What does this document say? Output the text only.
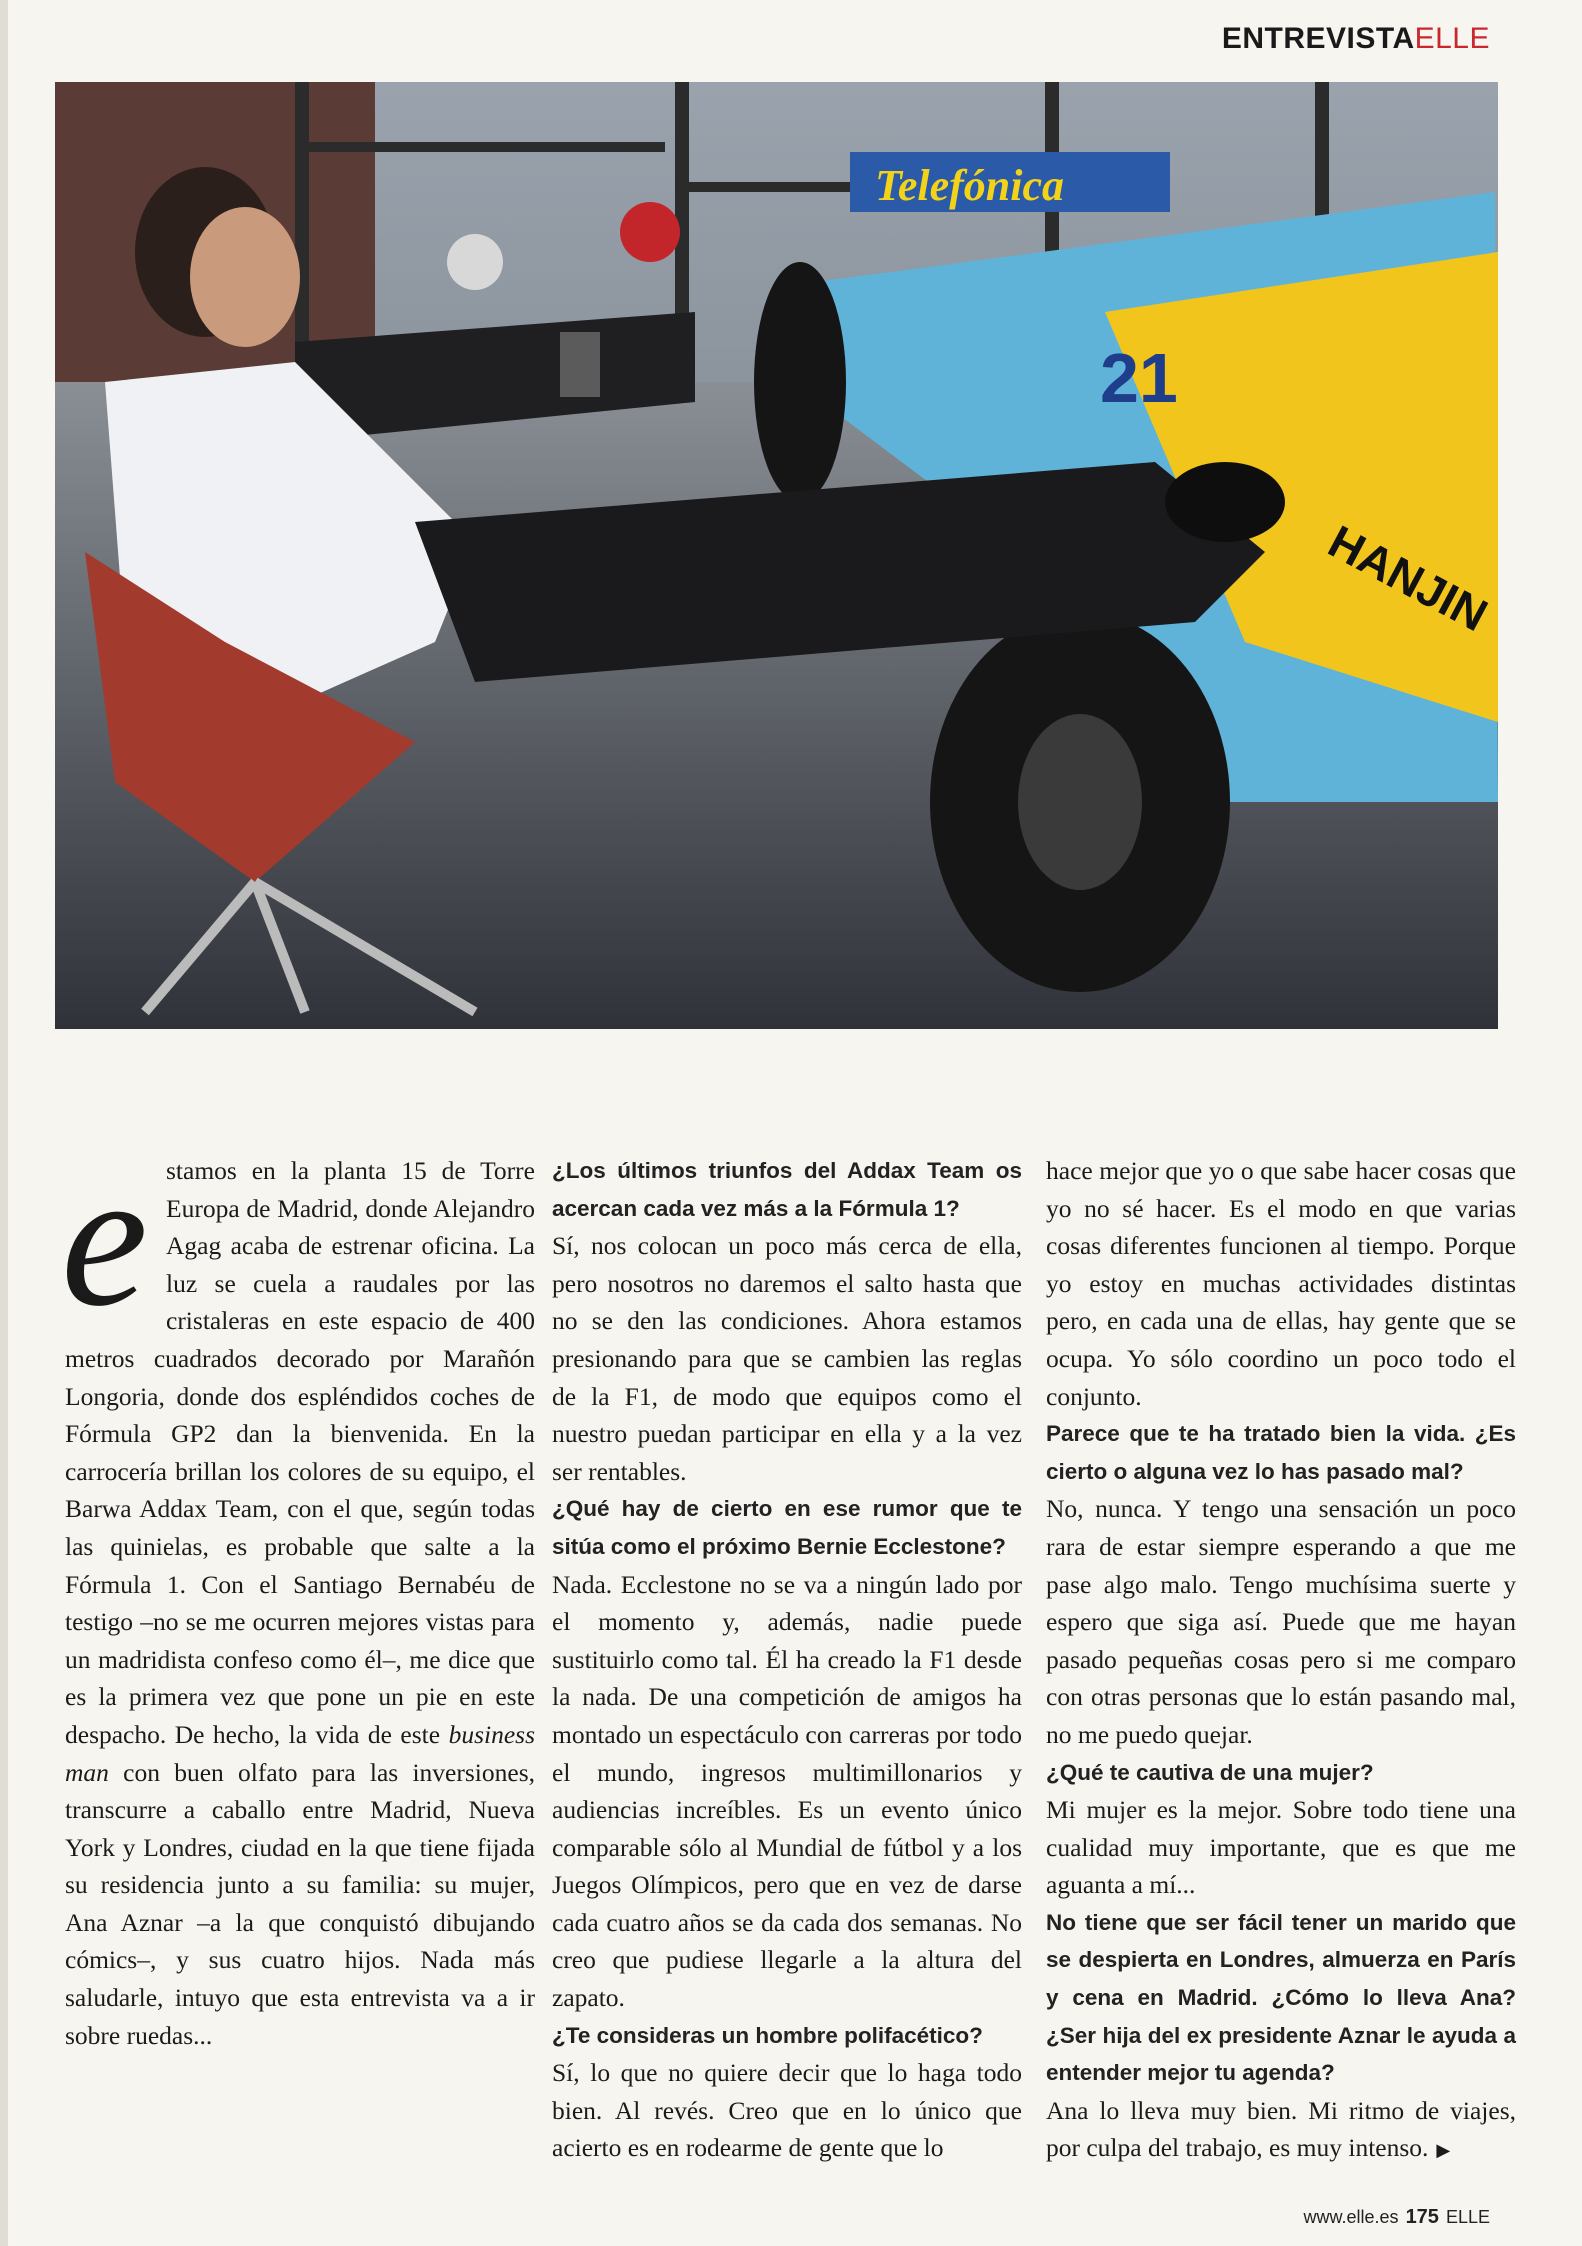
ENTREVISTAELLE
Telefónica
21
HANJIN

estamos en la planta 15 de Torre Europa de Madrid, donde Alejandro Agag acaba de estrenar oficina. La luz se cuela a raudales por las cristaleras en este espacio de 400 metros cuadrados decorado por Marañón Longoria, donde dos espléndidos coches de Fórmula GP2 dan la bienvenida. En la carrocería brillan los colores de su equipo, el Barwa Addax Team, con el que, según todas las quinielas, es probable que salte a la Fórmula 1. Con el Santiago Bernabéu de testigo –no se me ocurren mejores vistas para un madridista confeso como él–, me dice que es la primera vez que pone un pie en este despacho. De hecho, la vida de este business man con buen olfato para las inversiones, transcurre a caballo entre Madrid, Nueva York y Londres, ciudad en la que tiene fijada su residencia junto a su familia: su mujer, Ana Aznar –a la que conquistó dibujando cómics–, y sus cuatro hijos. Nada más saludarle, intuyo que esta entrevista va a ir sobre ruedas...

¿Los últimos triunfos del Addax Team os acercan cada vez más a la Fórmula 1?

Sí, nos colocan un poco más cerca de ella, pero nosotros no daremos el salto hasta que no se den las condiciones. Ahora estamos presionando para que se cambien las reglas de la F1, de modo que equipos como el nuestro puedan participar en ella y a la vez ser rentables.

¿Qué hay de cierto en ese rumor que te sitúa como el próximo Bernie Ecclestone?

Nada. Ecclestone no se va a ningún lado por el momento y, además, nadie puede sustituirlo como tal. Él ha creado la F1 desde la nada. De una competición de amigos ha montado un espectáculo con carreras por todo el mundo, ingresos multimillonarios y audiencias increíbles. Es un evento único comparable sólo al Mundial de fútbol y a los Juegos Olímpicos, pero que en vez de darse cada cuatro años se da cada dos semanas. No creo que pudiese llegarle a la altura del zapato.

¿Te consideras un hombre polifacético?

Sí, lo que no quiere decir que lo haga todo bien. Al revés. Creo que en lo único que acierto es en rodearme de gente que lo

hace mejor que yo o que sabe hacer cosas que yo no sé hacer. Es el modo en que varias cosas diferentes funcionen al tiempo. Porque yo estoy en muchas actividades distintas pero, en cada una de ellas, hay gente que se ocupa. Yo sólo coordino un poco todo el conjunto.

Parece que te ha tratado bien la vida. ¿Es cierto o alguna vez lo has pasado mal?

No, nunca. Y tengo una sensación un poco rara de estar siempre esperando a que me pase algo malo. Tengo muchísima suerte y espero que siga así. Puede que me hayan pasado pequeñas cosas pero si me comparo con otras personas que lo están pasando mal, no me puedo quejar.

¿Qué te cautiva de una mujer?

Mi mujer es la mejor. Sobre todo tiene una cualidad muy importante, que es que me aguanta a mí...

No tiene que ser fácil tener un marido que se despierta en Londres, almuerza en París y cena en Madrid. ¿Cómo lo lleva Ana? ¿Ser hija del ex presidente Aznar le ayuda a entender mejor tu agenda?

Ana lo lleva muy bien. Mi ritmo de viajes, por culpa del trabajo, es muy intenso. ▶

www.elle.es 175 ELLE
